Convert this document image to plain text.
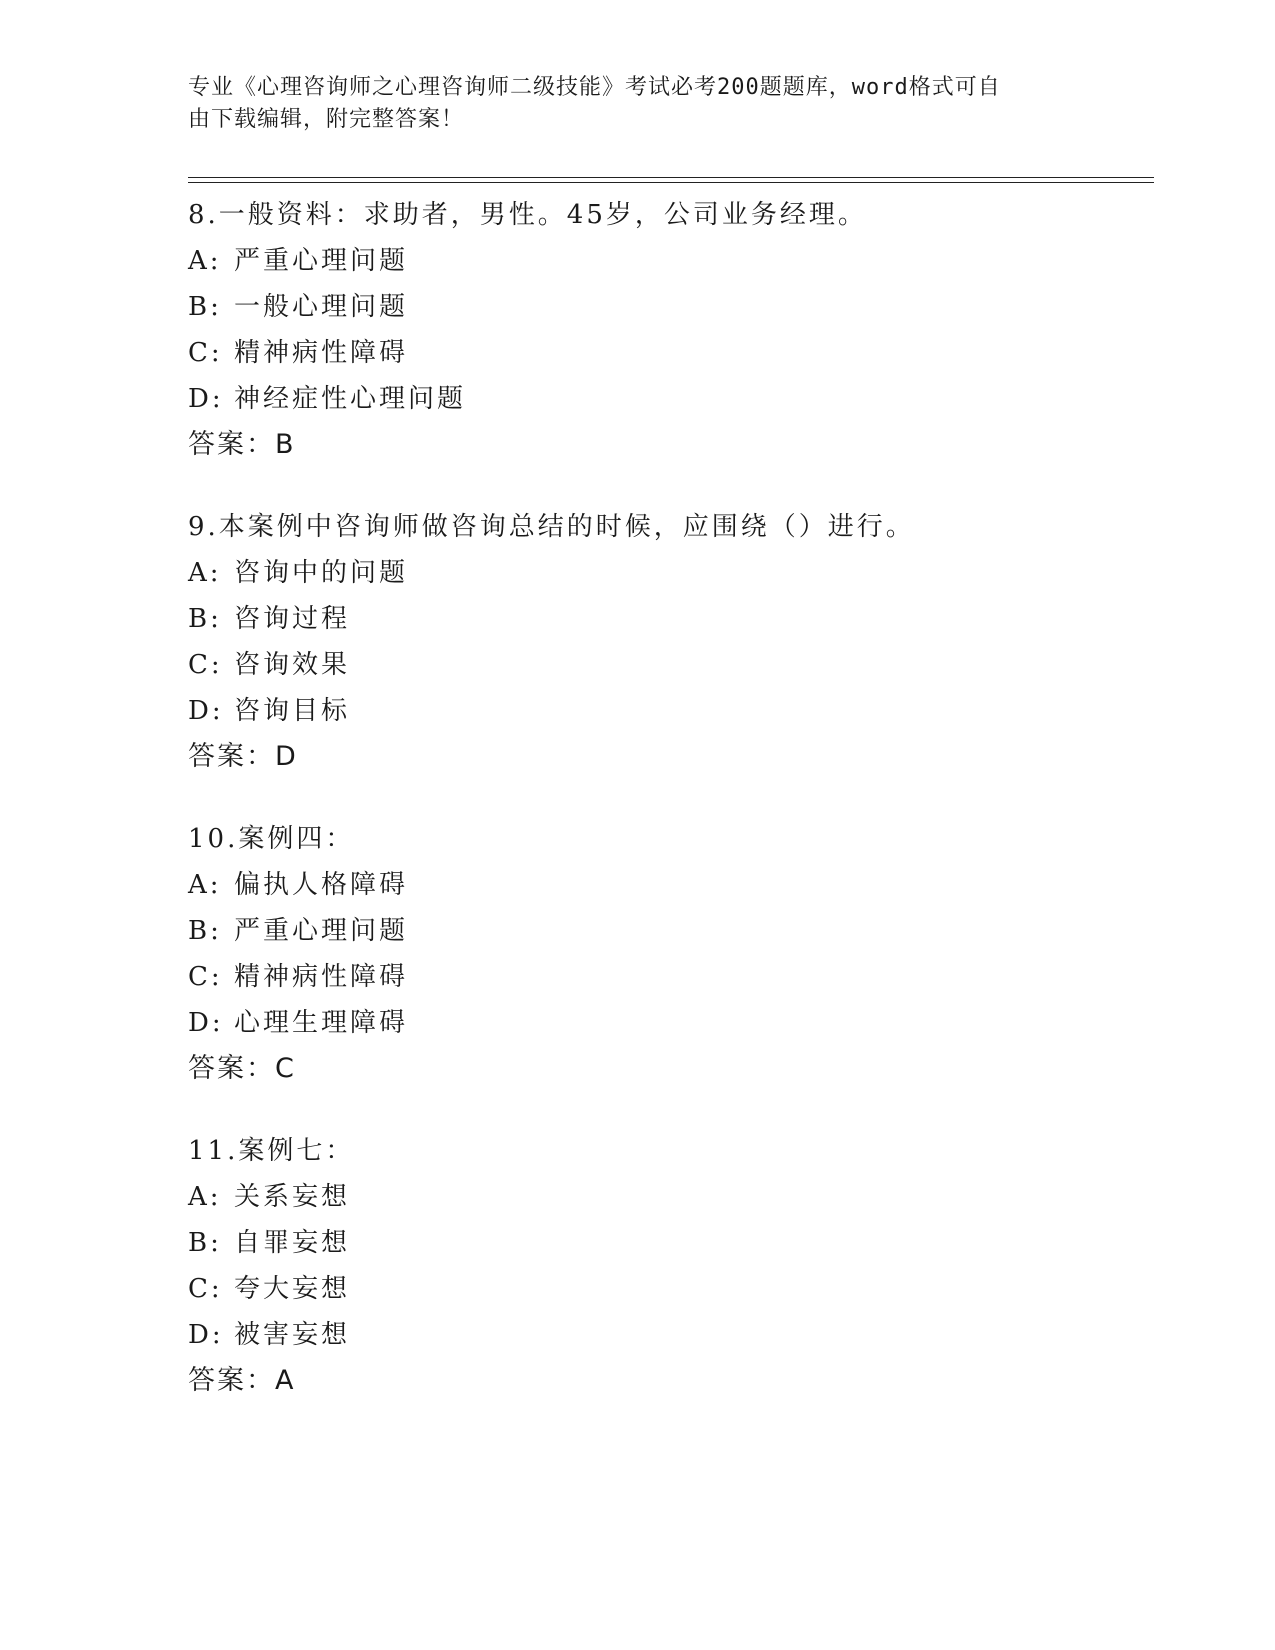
专业《心理咨询师之心理咨询师二级技能》考试必考200题题库，word格式可自
由下载编辑，附完整答案！
8.一般资料：求助者，男性。45岁，公司业务经理。
A: 严重心理问题
B: 一般心理问题
C: 精神病性障碍
D: 神经症性心理问题
答案：B
9.本案例中咨询师做咨询总结的时候，应围绕（）进行。
A: 咨询中的问题
B: 咨询过程
C: 咨询效果
D: 咨询目标
答案：D
10.案例四：
A: 偏执人格障碍
B: 严重心理问题
C: 精神病性障碍
D: 心理生理障碍
答案：C
11.案例七：
A: 关系妄想
B: 自罪妄想
C: 夸大妄想
D: 被害妄想
答案：A
